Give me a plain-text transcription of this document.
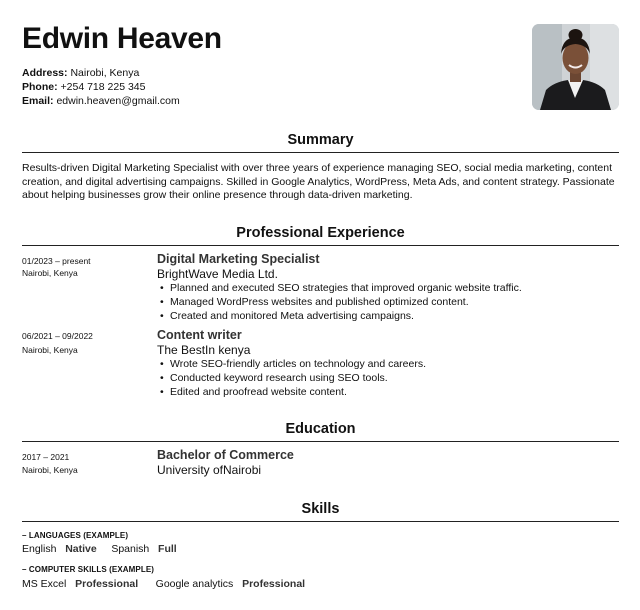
Edwin Heaven
Address: Nairobi, Kenya
Phone: +254 718 225 345
Email: edwin.heaven@gmail.com
Summary

Results-driven Digital Marketing Specialist with over three years of experience managing SEO, social media marketing, content creation, and digital advertising campaigns. Skilled in Google Analytics, WordPress, Meta Ads, and content strategy. Passionate about helping businesses grow their online presence through data-driven marketing.

Professional Experience
01/2023 – present
Nairobi, Kenya
Digital Marketing Specialist
BrightWave Media Ltd.
• Planned and executed SEO strategies that improved organic website traffic.
• Managed WordPress websites and published optimized content.
• Created and monitored Meta advertising campaigns.
06/2021 – 09/2022
Nairobi, Kenya
Content writer
The BestIn kenya
• Wrote SEO-friendly articles on technology and careers.
• Conducted keyword research using SEO tools.
• Edited and proofread website content.
Education
2017 – 2021
Nairobi, Kenya
Bachelor of Commerce
University ofNairobi
Skills
– LANGUAGES (EXAMPLE)
English Native Spanish Full
– COMPUTER SKILLS (EXAMPLE)
MS Excel Professional Google analytics Professional
